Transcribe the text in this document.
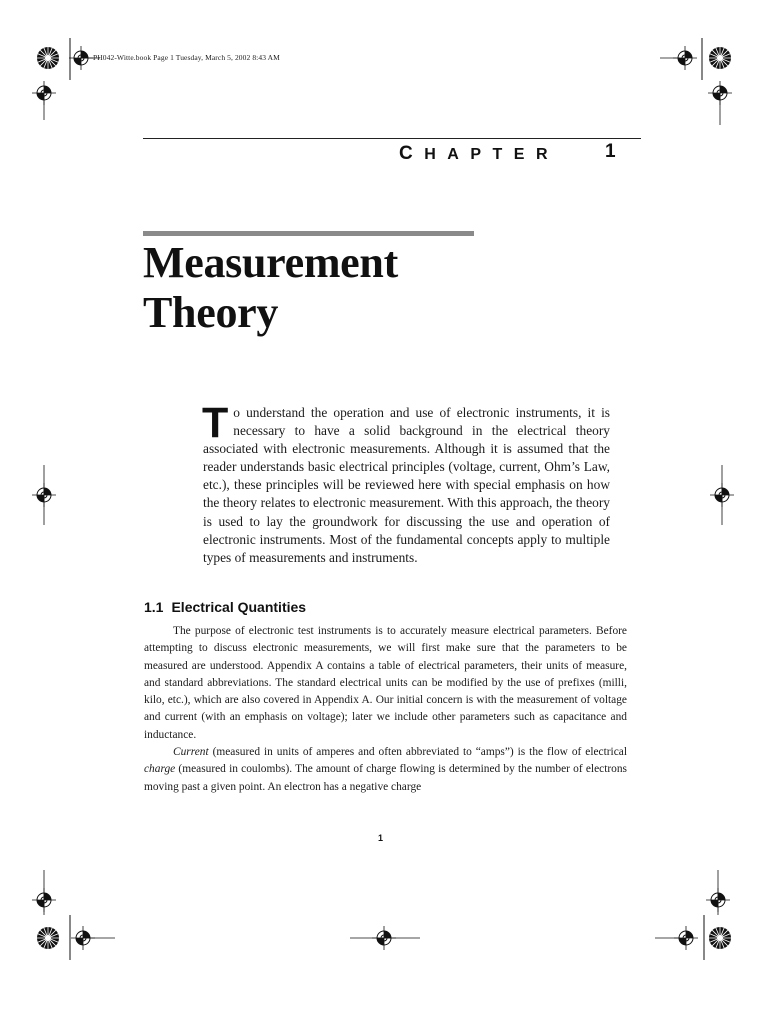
PH042-Witte.book Page 1 Tuesday, March 5, 2002 8:43 AM
CHAPTER 1
Measurement
Theory
To understand the operation and use of electronic instruments, it is necessary to have a solid background in the electrical theory associated with electronic measurements. Although it is assumed that the reader understands basic electrical principles (voltage, current, Ohm’s Law, etc.), these principles will be reviewed here with special emphasis on how the theory relates to electronic measurement. With this approach, the theory is used to lay the groundwork for discussing the use and operation of electronic instruments. Most of the fundamental concepts apply to multiple types of measurements and instruments.
1.1 Electrical Quantities

The purpose of electronic test instruments is to accurately measure electrical parameters. Before attempting to discuss electronic measurements, we will first make sure that the parameters to be measured are understood. Appendix A contains a table of electrical parameters, their units of measure, and standard abbreviations. The standard electrical units can be modified by the use of prefixes (milli, kilo, etc.), which are also covered in Appendix A. Our initial concern is with the measurement of voltage and current (with an emphasis on voltage); later we include other parameters such as capacitance and inductance.

Current (measured in units of amperes and often abbreviated to “amps”) is the flow of electrical charge (measured in coulombs). The amount of charge flowing is determined by the number of electrons moving past a given point. An electron has a negative charge

1
